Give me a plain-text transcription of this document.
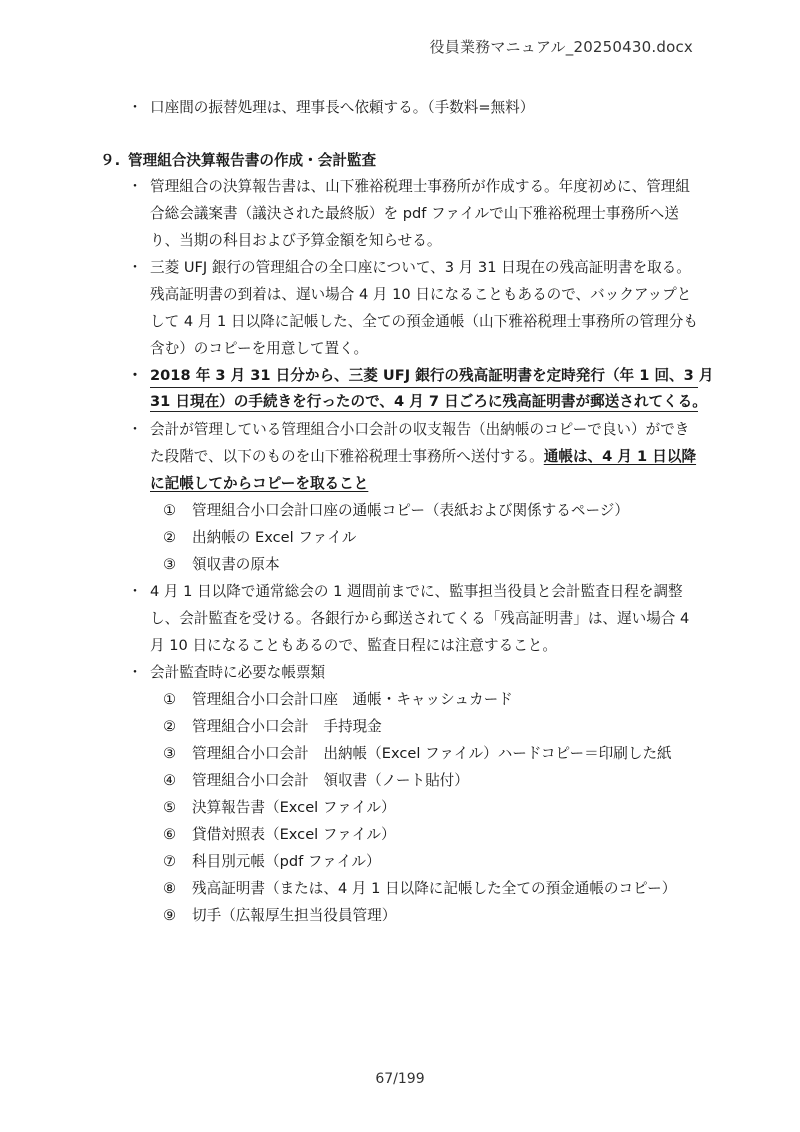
役員業務マニュアル_20250430.docx
・ 口座間の振替処理は、理事長へ依頼する。（手数料=無料）
９. 管理組合決算報告書の作成・会計監査
・ 管理組合の決算報告書は、山下雅裕税理士事務所が作成する。年度初めに、管理組
合総会議案書（議決された最終版）を pdf ファイルで山下雅裕税理士事務所へ送
り、当期の科目および予算金額を知らせる。
・ 三菱 UFJ 銀行の管理組合の全口座について、3 月 31 日現在の残高証明書を取る。
残高証明書の到着は、遅い場合 4 月 10 日になることもあるので、バックアップと
して 4 月 1 日以降に記帳した、全ての預金通帳（山下雅裕税理士事務所の管理分も
含む）のコピーを用意して置く。
・ 2018 年 3 月 31 日分から、三菱 UFJ 銀行の残高証明書を定時発行（年 1 回、3 月
31 日現在）の手続きを行ったので、4 月 7 日ごろに残高証明書が郵送されてくる。
・ 会計が管理している管理組合小口会計の収支報告（出納帳のコピーで良い）ができ
た段階で、以下のものを山下雅裕税理士事務所へ送付する。通帳は、4 月 1 日以降
に記帳してからコピーを取ること
① 管理組合小口会計口座の通帳コピー（表紙および関係するページ）
② 出納帳の Excel ファイル
③ 領収書の原本
・ 4 月 1 日以降で通常総会の 1 週間前までに、監事担当役員と会計監査日程を調整
し、会計監査を受ける。各銀行から郵送されてくる「残高証明書」は、遅い場合 4
月 10 日になることもあるので、監査日程には注意すること。
・ 会計監査時に必要な帳票類
① 管理組合小口会計口座　通帳・キャッシュカード
② 管理組合小口会計　手持現金
③ 管理組合小口会計　出納帳（Excel ファイル）ハードコピー＝印刷した紙
④ 管理組合小口会計　領収書（ノート貼付）
⑤ 決算報告書（Excel ファイル）
⑥ 貸借対照表（Excel ファイル）
⑦ 科目別元帳（pdf ファイル）
⑧ 残高証明書（または、4 月 1 日以降に記帳した全ての預金通帳のコピー）
⑨ 切手（広報厚生担当役員管理）
67/199
